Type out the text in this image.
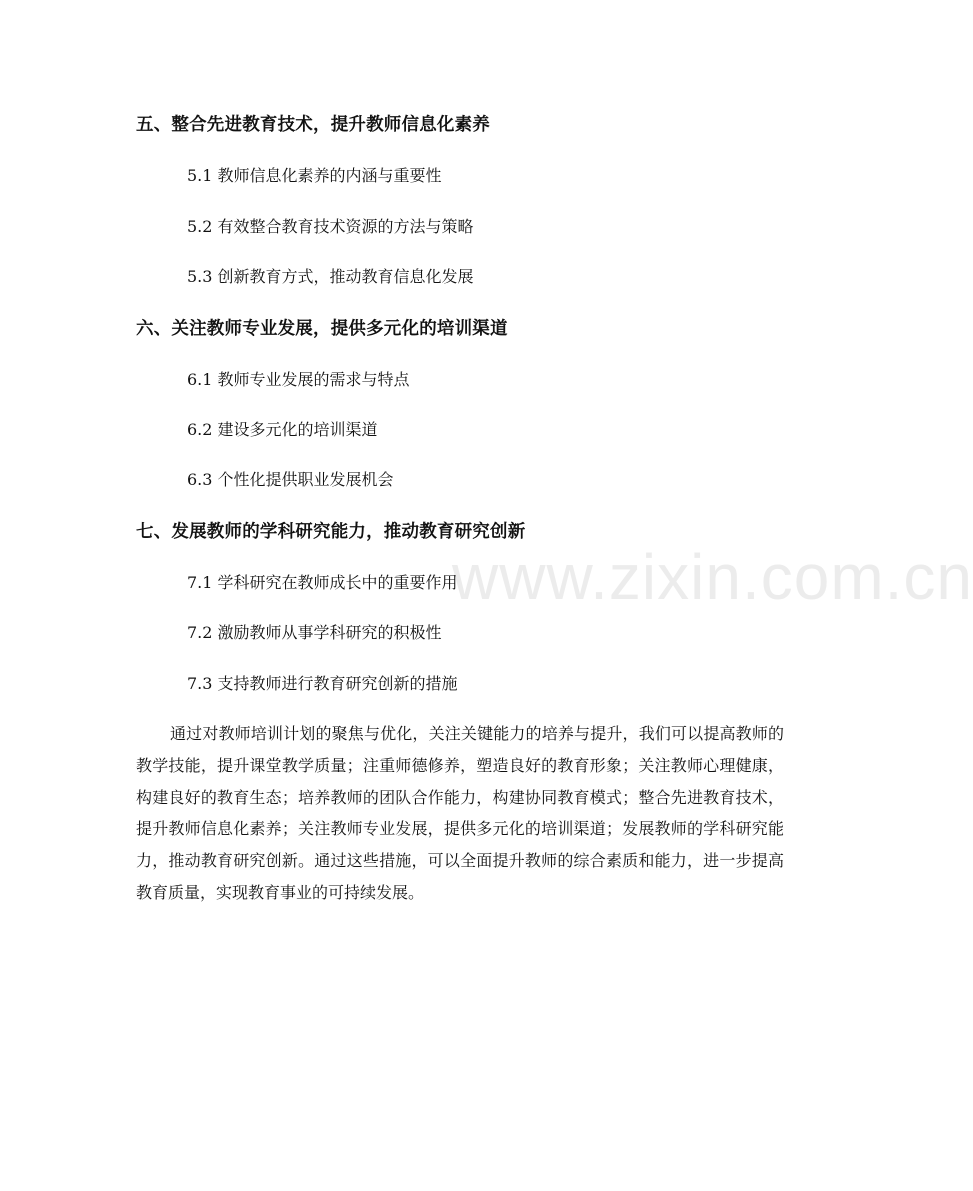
www.zixin.com.cn
五、整合先进教育技术，提升教师信息化素养
5.1 教师信息化素养的内涵与重要性
5.2 有效整合教育技术资源的方法与策略
5.3 创新教育方式，推动教育信息化发展
六、关注教师专业发展，提供多元化的培训渠道
6.1 教师专业发展的需求与特点
6.2 建设多元化的培训渠道
6.3 个性化提供职业发展机会
七、发展教师的学科研究能力，推动教育研究创新
7.1 学科研究在教师成长中的重要作用
7.2 激励教师从事学科研究的积极性
7.3 支持教师进行教育研究创新的措施

通过对教师培训计划的聚焦与优化，关注关键能力的培养与提升，我们可以提高教师的教学技能，提升课堂教学质量；注重师德修养，塑造良好的教育形象；关注教师心理健康，构建良好的教育生态；培养教师的团队合作能力，构建协同教育模式；整合先进教育技术，提升教师信息化素养；关注教师专业发展，提供多元化的培训渠道；发展教师的学科研究能力，推动教育研究创新。通过这些措施，可以全面提升教师的综合素质和能力，进一步提高教育质量，实现教育事业的可持续发展。
